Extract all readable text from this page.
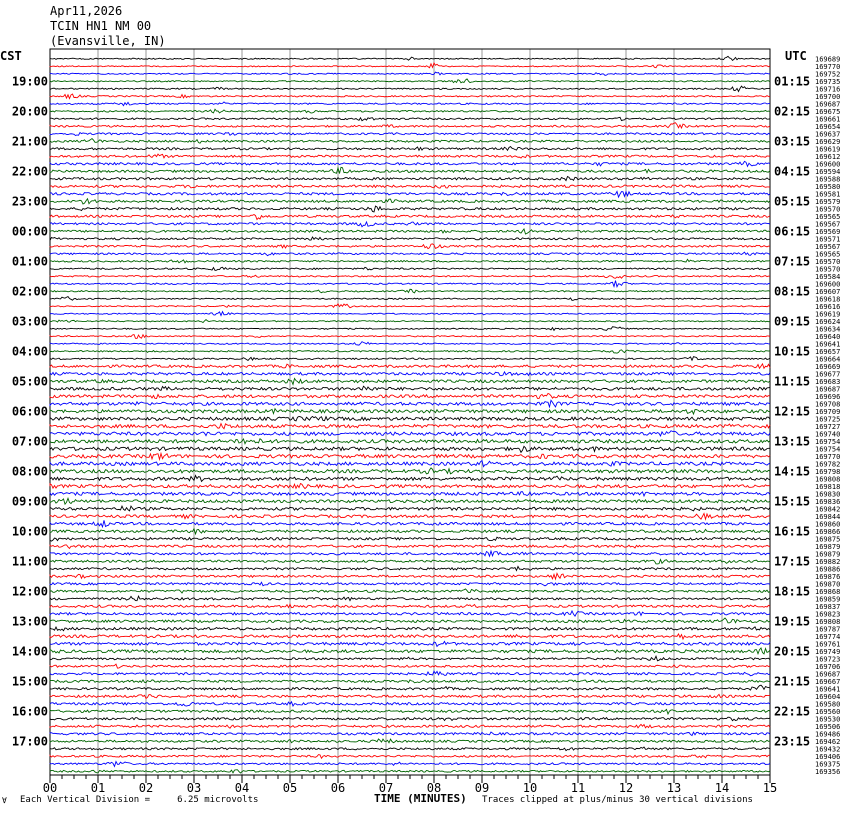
Apr11,2026
TCIN HN1 NM 00
(Evansville, IN)
CST	UTC
19:00
20:00
21:00
22:00
23:00
00:00
01:00
02:00
03:00
04:00
05:00
06:00
07:00
08:00
09:00
10:00
11:00
12:00
13:00
14:00
15:00
16:00
17:00
01:15
02:15
03:15
04:15
05:15
06:15
07:15
08:15
09:15
10:15
11:15
12:15
13:15
14:15
15:15
16:15
17:15
18:15
19:15
20:15
21:15
22:15
23:15
169689
169770
169752
169735
169716
169700
169687
169675
169661
169654
169637
169629
169619
169612
169600
169594
169588
169580
169581
169579
169570
169565
169567
169569
169571
169567
169565
169570
169570
169584
169600
169607
169618
169616
169619
169624
169634
169640
169641
169657
169664
169669
169677
169683
169687
169696
169708
169709
169725
169727
169740
169754
169754
169770
169782
169798
169808
169818
169830
169836
169842
169844
169860
169866
169875
169879
169879
169882
169886
169876
169870
169868
169859
169837
169823
169808
169787
169774
169761
169749
169723
169706
169687
169667
169641
169604
169580
169560
169530
169506
169486
169462
169432
169406
169375
169356
00	01	02	03	04	05	06	07	08	09	10	11	12	13	14	15
∀ Each Vertical Division =     6.25 microvolts	TIME (MINUTES) Traces clipped at plus/minus 30 vertical divisions
